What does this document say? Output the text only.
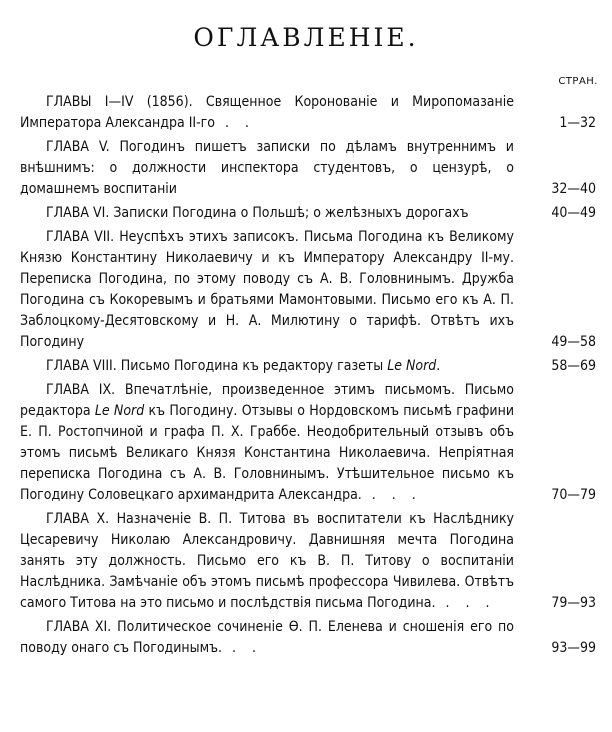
ОГЛАВЛЕНIЕ.
СТРАН.
ГЛАВЫ I—IV (1856). Священное Коронованiе и Миропомазанiе Императора Александра II-го . .	1—32
ГЛАВА V. Погодинъ пишетъ записки по дѣламъ внутреннимъ и внѣшнимъ: о должности инспектора студентовъ, о цензурѣ, о домашнемъ воспитанiи	32—40
ГЛАВА VI. Записки Погодина о Польшѣ; о желѣзныхъ дорогахъ	40—49
ГЛАВА VII. Неуспѣхъ этихъ записокъ. Письма Погодина къ Великому Князю Константину Николаевичу и къ Императору Александру II-му. Переписка Погодина, по этому поводу съ А. В. Головнинымъ. Дружба Погодина съ Кокоревымъ и братьями Мамонтовыми. Письмо его къ А. П. Заблоцкому-Десятовскому и Н. А. Милютину о тарифѣ. Отвѣтъ ихъ Погодину	49—58
ГЛАВА VIII. Письмо Погодина къ редактору газеты Le Nord.	58—69
ГЛАВА IX. Впечатлѣнiе, произведенное этимъ письмомъ. Письмо редактора Le Nord къ Погодину. Отзывы о Нордовскомъ письмѣ графини Е. П. Ростопчиной и графа П. Х. Граббе. Неодобрительный отзывъ объ этомъ письмѣ Великаго Князя Константина Николаевича. Непрiятная переписка Погодина съ А. В. Головнинымъ. Утѣшительное письмо къ Погодину Соловецкаго архимандрита Александра. . . .	70—79
ГЛАВА X. Назначенiе В. П. Титова въ воспитатели къ Наслѣднику Цесаревичу Николаю Александровичу. Давнишняя мечта Погодина занять эту должность. Письмо его къ В. П. Титову о воспитанiи Наслѣдника. Замѣчанiе объ этомъ письмѣ профессора Чивилева. Отвѣтъ самого Титова на это письмо и послѣдствiя письма Погодина. . . .	79—93
ГЛАВА XI. Политическое сочиненiе Ѳ. П. Еленева и сношенiя его по поводу онаго съ Погодинымъ. . .	93—99
